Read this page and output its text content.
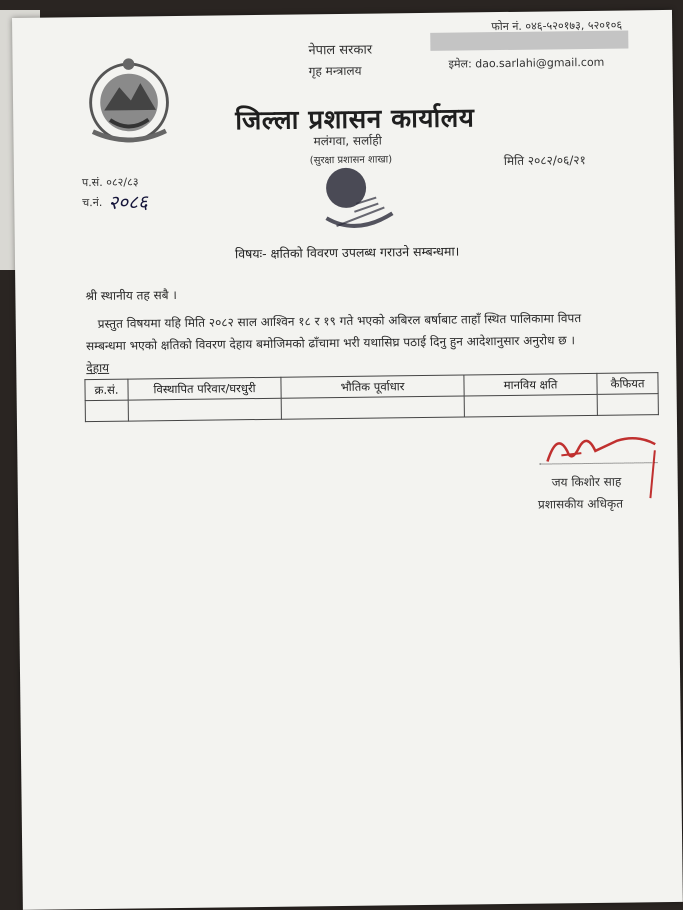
फोन नं. ०४६-५२०१७३, ५२०१०६
इमेल: dao.sarlahi@gmail.com
नेपाल सरकार
गृह मन्त्रालय
जिल्ला प्रशासन कार्यालय
मलंगवा, सर्लाही
(सुरक्षा प्रशासन शाखा)	मिति २०८२/०६/२१
प.सं. ०८२/८३
च.नं. २०८६
विषयः- क्षतिको विवरण उपलब्ध गराउने सम्बन्धमा।
श्री स्थानीय तह सबै ।
प्रस्तुत विषयमा यहि मिति २०८२ साल आश्विन १८ र १९ गते भएको अबिरल बर्षाबाट ताहाँ स्थित पालिकामा विपत
सम्बन्धमा भएको क्षतिको विवरण देहाय बमोजिमको ढाँचामा भरी यथासिघ्र पठाई दिनु हुन आदेशानुसार अनुरोध छ ।
देहाय
क्र.सं.	विस्थापित परिवार/घरधुरी	भौतिक पूर्वाधार	मानविय क्षति	कैफियत

जय किशोर साह
प्रशासकीय अधिकृत
